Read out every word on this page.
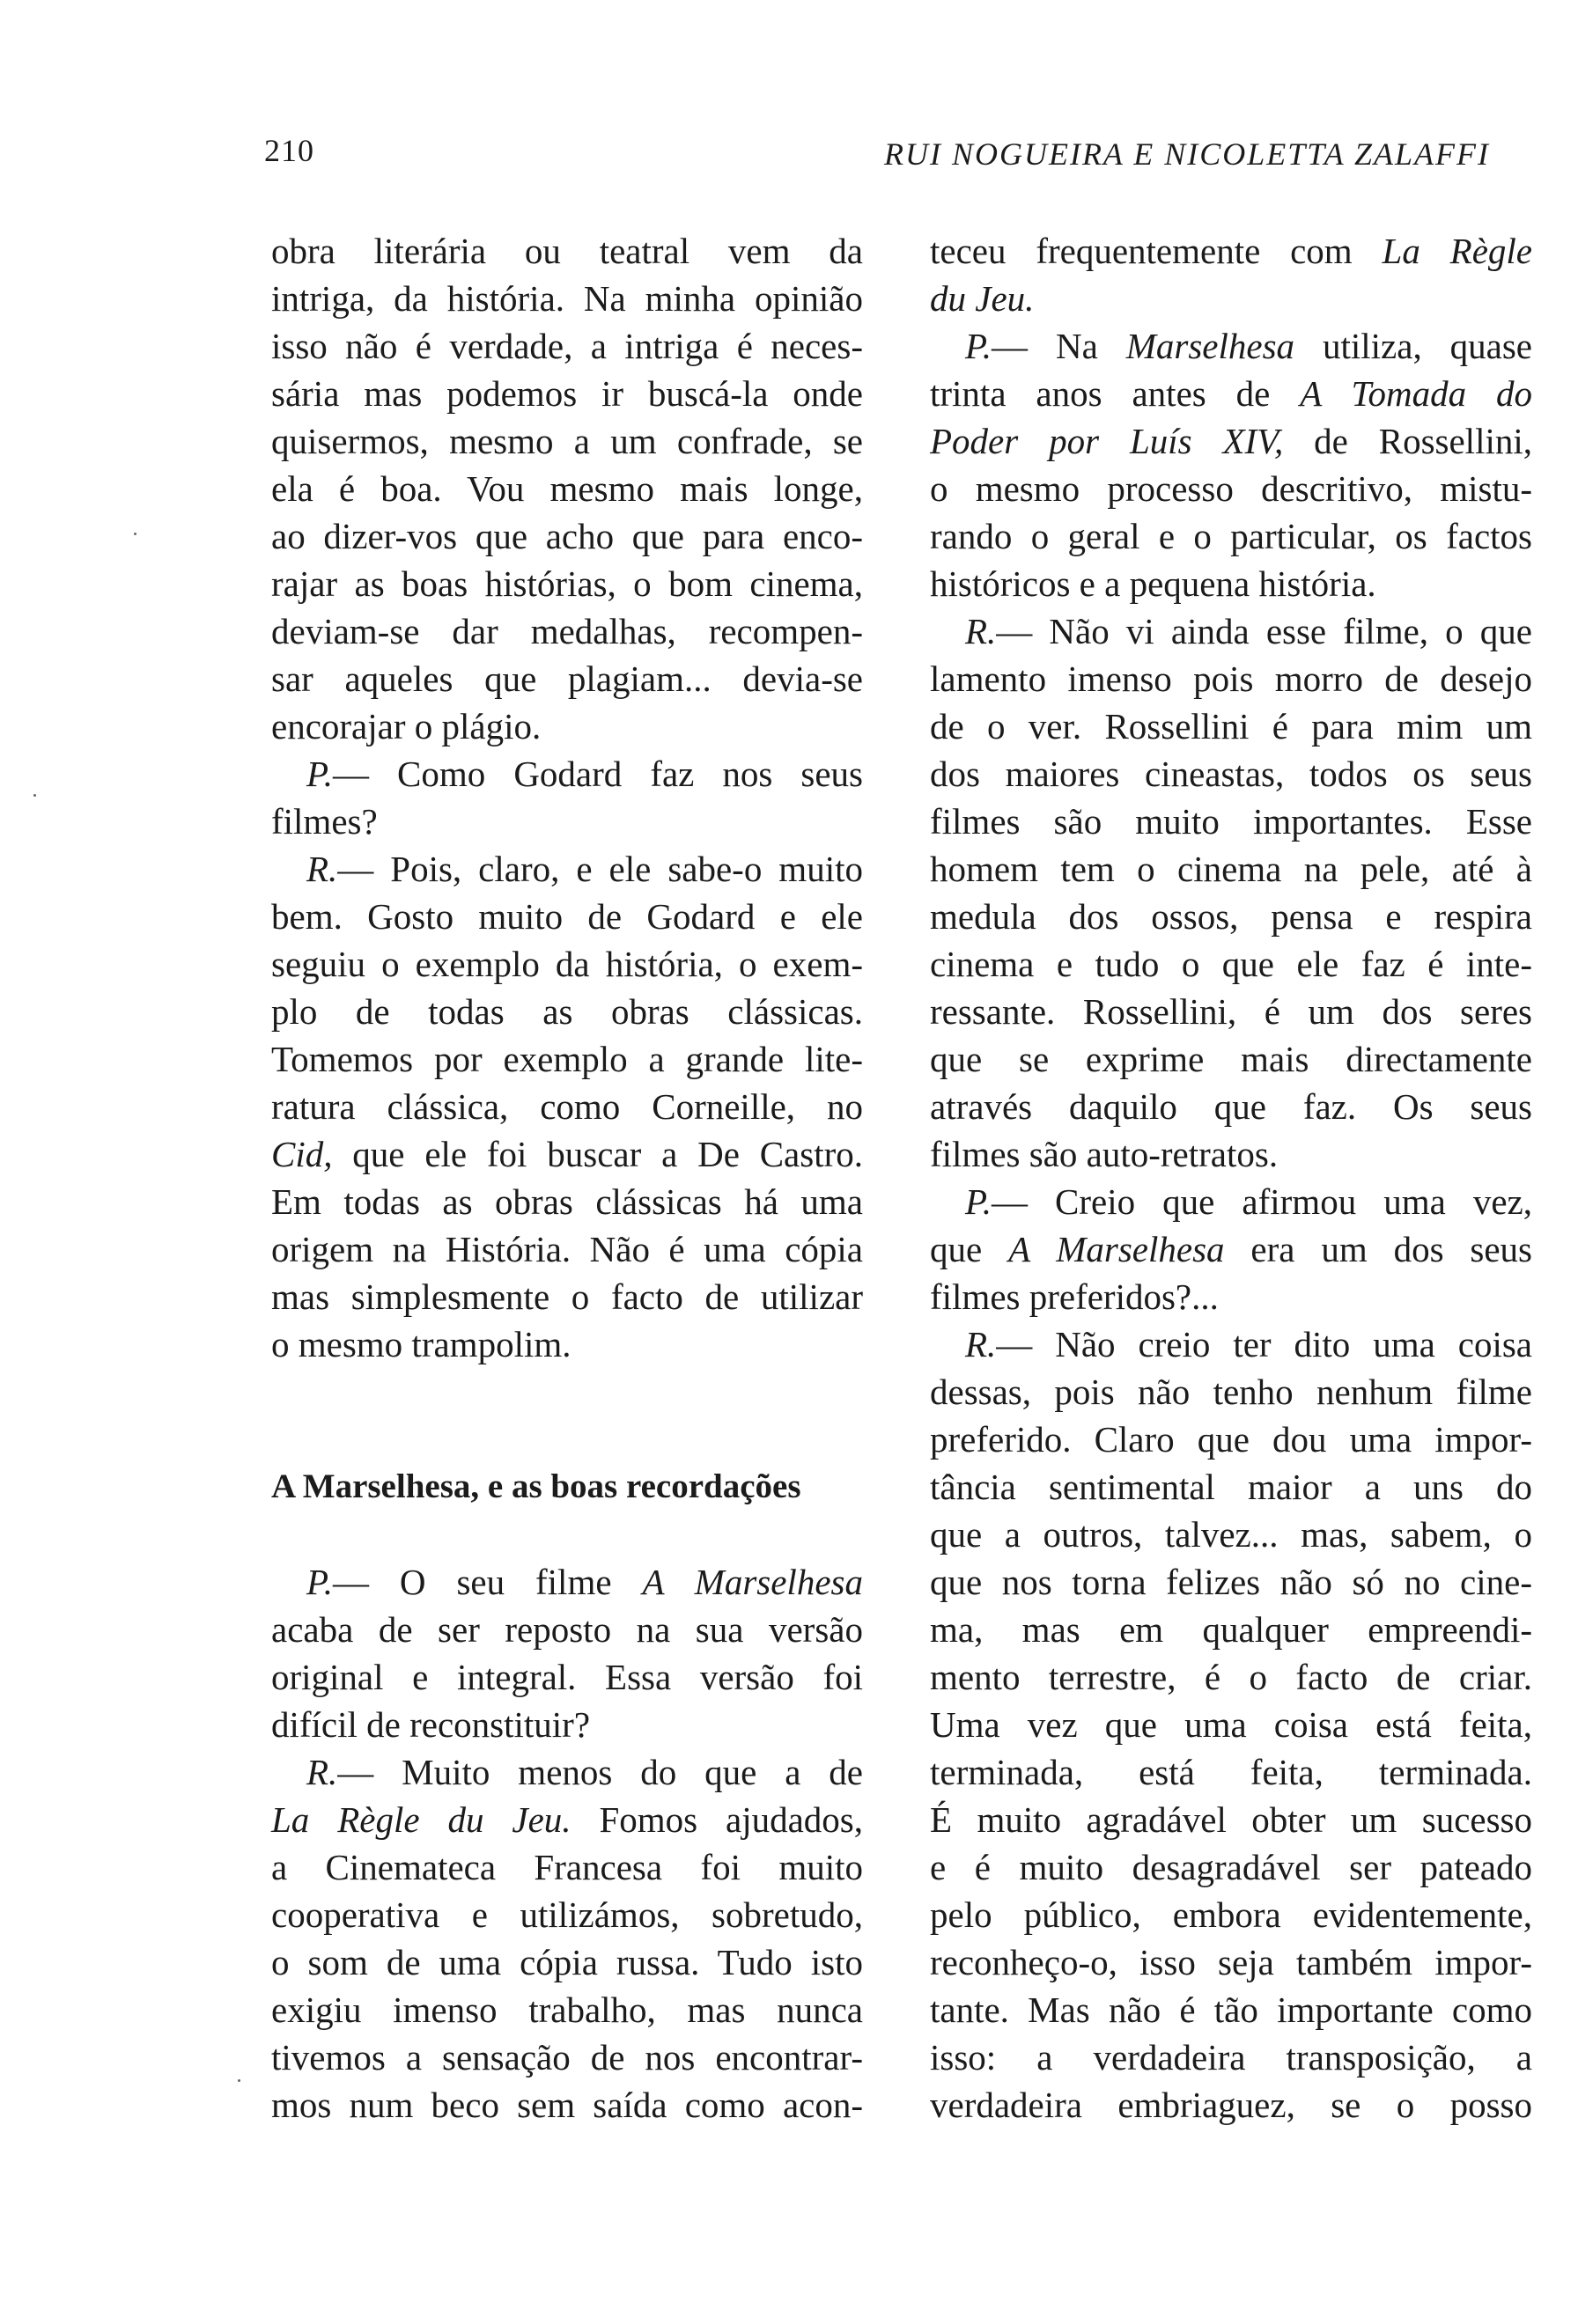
210	RUI NOGUEIRA E NICOLETTA ZALAFFI
obra literária ou teatral vem da
intriga, da história. Na minha opinião
isso não é verdade, a intriga é neces-
sária mas podemos ir buscá-la onde
quisermos, mesmo a um confrade, se
ela é boa. Vou mesmo mais longe,
ao dizer-vos que acho que para enco-
rajar as boas histórias, o bom cinema,
deviam-se dar medalhas, recompen-
sar aqueles que plagiam... devia-se
encorajar o plágio.
P.— Como Godard faz nos seus
filmes?
R.— Pois, claro, e ele sabe-o muito
bem. Gosto muito de Godard e ele
seguiu o exemplo da história, o exem-
plo de todas as obras clássicas.
Tomemos por exemplo a grande lite-
ratura clássica, como Corneille, no
Cid, que ele foi buscar a De Castro.
Em todas as obras clássicas há uma
origem na História. Não é uma cópia
mas simplesmente o facto de utilizar
o mesmo trampolim.
A Marselhesa, e as boas recordações
P.— O seu filme A Marselhesa
acaba de ser reposto na sua versão
original e integral. Essa versão foi
difícil de reconstituir?
R.— Muito menos do que a de
La Règle du Jeu. Fomos ajudados,
a Cinemateca Francesa foi muito
cooperativa e utilizámos, sobretudo,
o som de uma cópia russa. Tudo isto
exigiu imenso trabalho, mas nunca
tivemos a sensação de nos encontrar-
mos num beco sem saída como acon-
teceu frequentemente com La Règle
du Jeu.
P.— Na Marselhesa utiliza, quase
trinta anos antes de A Tomada do
Poder por Luís XIV, de Rossellini,
o mesmo processo descritivo, mistu-
rando o geral e o particular, os factos
históricos e a pequena história.
R.— Não vi ainda esse filme, o que
lamento imenso pois morro de desejo
de o ver. Rossellini é para mim um
dos maiores cineastas, todos os seus
filmes são muito importantes. Esse
homem tem o cinema na pele, até à
medula dos ossos, pensa e respira
cinema e tudo o que ele faz é inte-
ressante. Rossellini, é um dos seres
que se exprime mais directamente
através daquilo que faz. Os seus
filmes são auto-retratos.
P.— Creio que afirmou uma vez,
que A Marselhesa era um dos seus
filmes preferidos?...
R.— Não creio ter dito uma coisa
dessas, pois não tenho nenhum filme
preferido. Claro que dou uma impor-
tância sentimental maior a uns do
que a outros, talvez... mas, sabem, o
que nos torna felizes não só no cine-
ma, mas em qualquer empreendi-
mento terrestre, é o facto de criar.
Uma vez que uma coisa está feita,
terminada, está feita, terminada.
É muito agradável obter um sucesso
e é muito desagradável ser pateado
pelo público, embora evidentemente,
reconheço-o, isso seja também impor-
tante. Mas não é tão importante como
isso: a verdadeira transposição, a
verdadeira embriaguez, se o posso
